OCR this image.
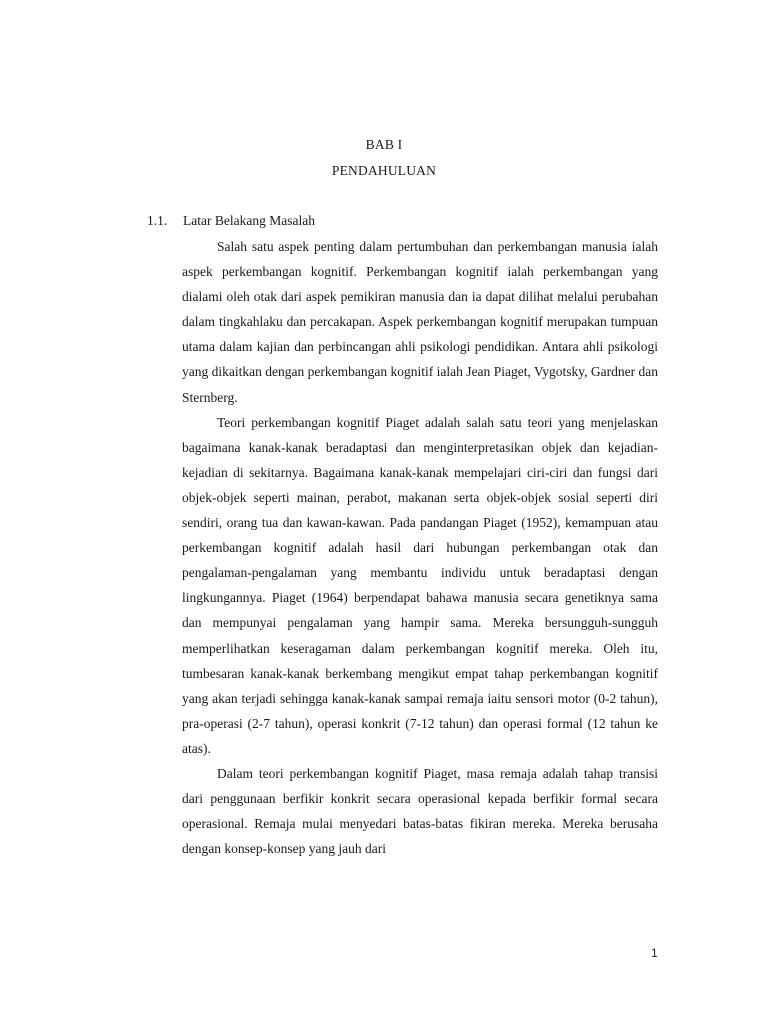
BAB I
PENDAHULUAN
1.1. Latar Belakang Masalah

Salah satu aspek penting dalam pertumbuhan dan perkembangan manusia ialah aspek perkembangan kognitif. Perkembangan kognitif ialah perkembangan yang dialami oleh otak dari aspek pemikiran manusia dan ia dapat dilihat melalui perubahan dalam tingkahlaku dan percakapan. Aspek perkembangan kognitif merupakan tumpuan utama dalam kajian dan perbincangan ahli psikologi pendidikan. Antara ahli psikologi yang dikaitkan dengan perkembangan kognitif ialah Jean Piaget, Vygotsky, Gardner dan Sternberg.

Teori perkembangan kognitif Piaget adalah salah satu teori yang menjelaskan bagaimana kanak-kanak beradaptasi dan menginterpretasikan objek dan kejadian-kejadian di sekitarnya. Bagaimana kanak-kanak mempelajari ciri-ciri dan fungsi dari objek-objek seperti mainan, perabot, makanan serta objek-objek sosial seperti diri sendiri, orang tua dan kawan-kawan. Pada pandangan Piaget (1952), kemampuan atau perkembangan kognitif adalah hasil dari hubungan perkembangan otak dan pengalaman-pengalaman yang membantu individu untuk beradaptasi dengan lingkungannya. Piaget (1964) berpendapat bahawa manusia secara genetiknya sama dan mempunyai pengalaman yang hampir sama. Mereka bersungguh-sungguh memperlihatkan keseragaman dalam perkembangan kognitif mereka. Oleh itu, tumbesaran kanak-kanak berkembang mengikut empat tahap perkembangan kognitif yang akan terjadi sehingga kanak-kanak sampai remaja iaitu sensori motor (0-2 tahun), pra-operasi (2-7 tahun), operasi konkrit (7-12 tahun) dan operasi formal (12 tahun ke atas).

Dalam teori perkembangan kognitif Piaget, masa remaja adalah tahap transisi dari penggunaan berfikir konkrit secara operasional kepada berfikir formal secara operasional. Remaja mulai menyedari batas-batas fikiran mereka. Mereka berusaha dengan konsep-konsep yang jauh dari

1
